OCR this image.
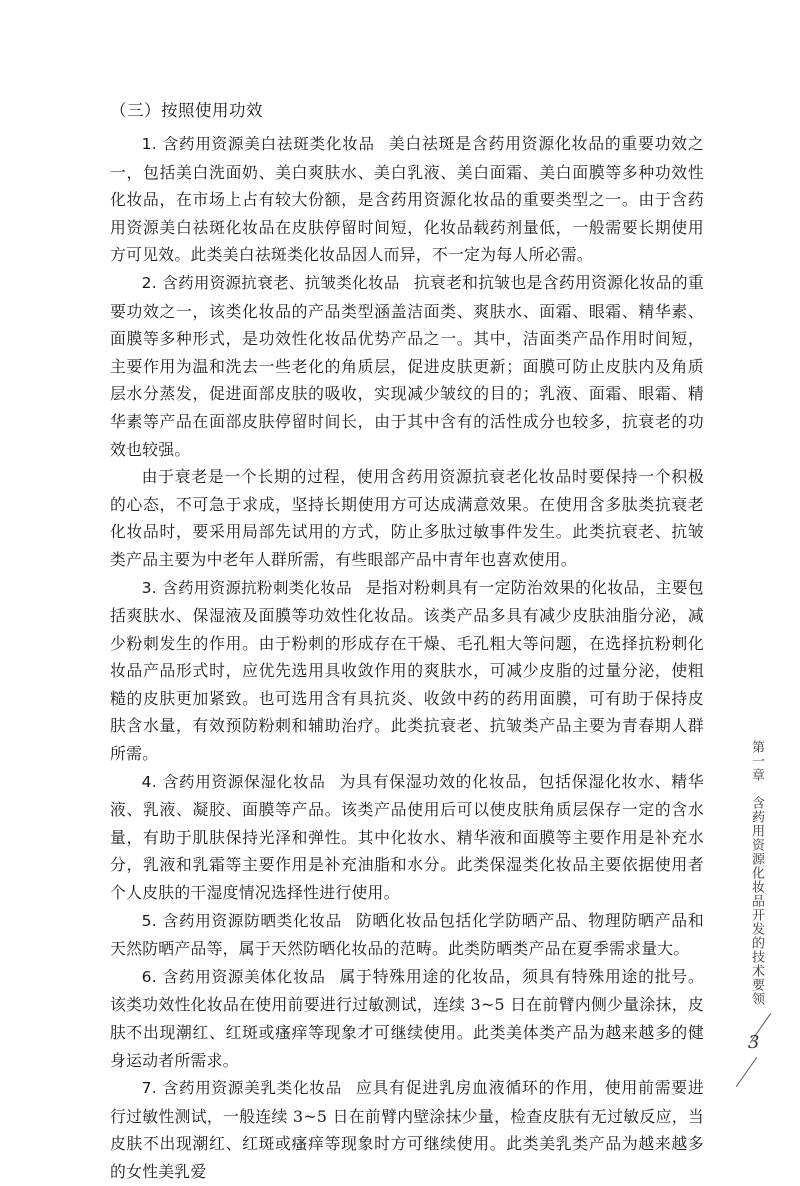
（三）按照使用功效

1. 含药用资源美白祛斑类化妆品 美白祛斑是含药用资源化妆品的重要功效之一，包括美白洗面奶、美白爽肤水、美白乳液、美白面霜、美白面膜等多种功效性化妆品，在市场上占有较大份额，是含药用资源化妆品的重要类型之一。由于含药用资源美白祛斑化妆品在皮肤停留时间短，化妆品载药剂量低，一般需要长期使用方可见效。此类美白祛斑类化妆品因人而异，不一定为每人所必需。

2. 含药用资源抗衰老、抗皱类化妆品 抗衰老和抗皱也是含药用资源化妆品的重要功效之一，该类化妆品的产品类型涵盖洁面类、爽肤水、面霜、眼霜、精华素、面膜等多种形式，是功效性化妆品优势产品之一。其中，洁面类产品作用时间短，主要作用为温和洗去一些老化的角质层，促进皮肤更新；面膜可防止皮肤内及角质层水分蒸发，促进面部皮肤的吸收，实现减少皱纹的目的；乳液、面霜、眼霜、精华素等产品在面部皮肤停留时间长，由于其中含有的活性成分也较多，抗衰老的功效也较强。

由于衰老是一个长期的过程，使用含药用资源抗衰老化妆品时要保持一个积极的心态，不可急于求成，坚持长期使用方可达成满意效果。在使用含多肽类抗衰老化妆品时，要采用局部先试用的方式，防止多肽过敏事件发生。此类抗衰老、抗皱类产品主要为中老年人群所需，有些眼部产品中青年也喜欢使用。

3. 含药用资源抗粉刺类化妆品 是指对粉刺具有一定防治效果的化妆品，主要包括爽肤水、保湿液及面膜等功效性化妆品。该类产品多具有减少皮肤油脂分泌，减少粉刺发生的作用。由于粉刺的形成存在干燥、毛孔粗大等问题，在选择抗粉刺化妆品产品形式时，应优先选用具收敛作用的爽肤水，可减少皮脂的过量分泌，使粗糙的皮肤更加紧致。也可选用含有具抗炎、收敛中药的药用面膜，可有助于保持皮肤含水量，有效预防粉刺和辅助治疗。此类抗衰老、抗皱类产品主要为青春期人群所需。

4. 含药用资源保湿化妆品 为具有保湿功效的化妆品，包括保湿化妆水、精华液、乳液、凝胶、面膜等产品。该类产品使用后可以使皮肤角质层保存一定的含水量，有助于肌肤保持光泽和弹性。其中化妆水、精华液和面膜等主要作用是补充水分，乳液和乳霜等主要作用是补充油脂和水分。此类保湿类化妆品主要依据使用者个人皮肤的干湿度情况选择性进行使用。

5. 含药用资源防晒类化妆品 防晒化妆品包括化学防晒产品、物理防晒产品和天然防晒产品等，属于天然防晒化妆品的范畴。此类防晒类产品在夏季需求量大。

6. 含药用资源美体化妆品 属于特殊用途的化妆品，须具有特殊用途的批号。该类功效性化妆品在使用前要进行过敏测试，连续 3~5 日在前臂内侧少量涂抹，皮肤不出现潮红、红斑或瘙痒等现象才可继续使用。此类美体类产品为越来越多的健身运动者所需求。

7. 含药用资源美乳类化妆品 应具有促进乳房血液循环的作用，使用前需要进行过敏性测试，一般连续 3~5 日在前臂内壁涂抹少量，检查皮肤有无过敏反应，当皮肤不出现潮红、红斑或瘙痒等现象时方可继续使用。此类美乳类产品为越来越多的女性美乳爱

第一章
含药用资源化妆品开发的技术要领
3
